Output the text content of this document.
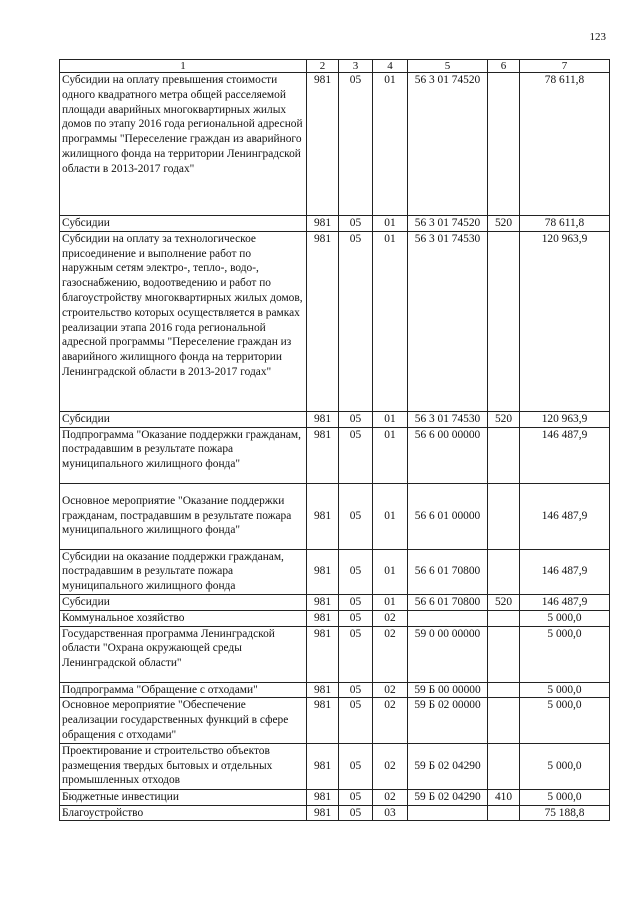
123
1	2	3	4	5	6	7
Субсидии на оплату превышения стоимости одного квадратного метра общей расселяемой площади аварийных многоквартирных жилых домов по этапу 2016 года региональной адресной программы "Переселение граждан из аварийного жилищного фонда на территории Ленинградской области в 2013-2017 годах"	981	05	01	56 3 01 74520		78 611,8
Субсидии	981	05	01	56 3 01 74520	520	78 611,8
Субсидии на оплату за технологическое присоединение и выполнение работ по наружным сетям электро-, тепло-, водо-, газоснабжению, водоотведению и работ по благоустройству многоквартирных жилых домов, строительство которых осуществляется в рамках реализации этапа 2016 года региональной адресной программы "Переселение граждан из аварийного жилищного фонда на территории Ленинградской области в 2013-2017 годах"	981	05	01	56 3 01 74530		120 963,9
Субсидии	981	05	01	56 3 01 74530	520	120 963,9
Подпрограмма "Оказание поддержки гражданам, пострадавшим в результате пожара муниципального жилищного фонда"	981	05	01	56 6 00 00000		146 487,9
Основное мероприятие "Оказание поддержки гражданам, пострадавшим в результате пожара муниципального жилищного фонда"	981	05	01	56 6 01 00000		146 487,9
Субсидии на оказание поддержки гражданам, пострадавшим в результате пожара муниципального жилищного фонда	981	05	01	56 6 01 70800		146 487,9
Субсидии	981	05	01	56 6 01 70800	520	146 487,9
Коммунальное хозяйство	981	05	02			5 000,0
Государственная программа Ленинградской области "Охрана окружающей среды Ленинградской области"	981	05	02	59 0 00 00000		5 000,0
Подпрограмма "Обращение с отходами"	981	05	02	59 Б 00 00000		5 000,0
Основное мероприятие "Обеспечение реализации государственных функций в сфере обращения с отходами"	981	05	02	59 Б 02 00000		5 000,0
Проектирование и строительство объектов размещения твердых бытовых и отдельных промышленных отходов	981	05	02	59 Б 02 04290		5 000,0
Бюджетные инвестиции	981	05	02	59 Б 02 04290	410	5 000,0
Благоустройство	981	05	03			75 188,8
